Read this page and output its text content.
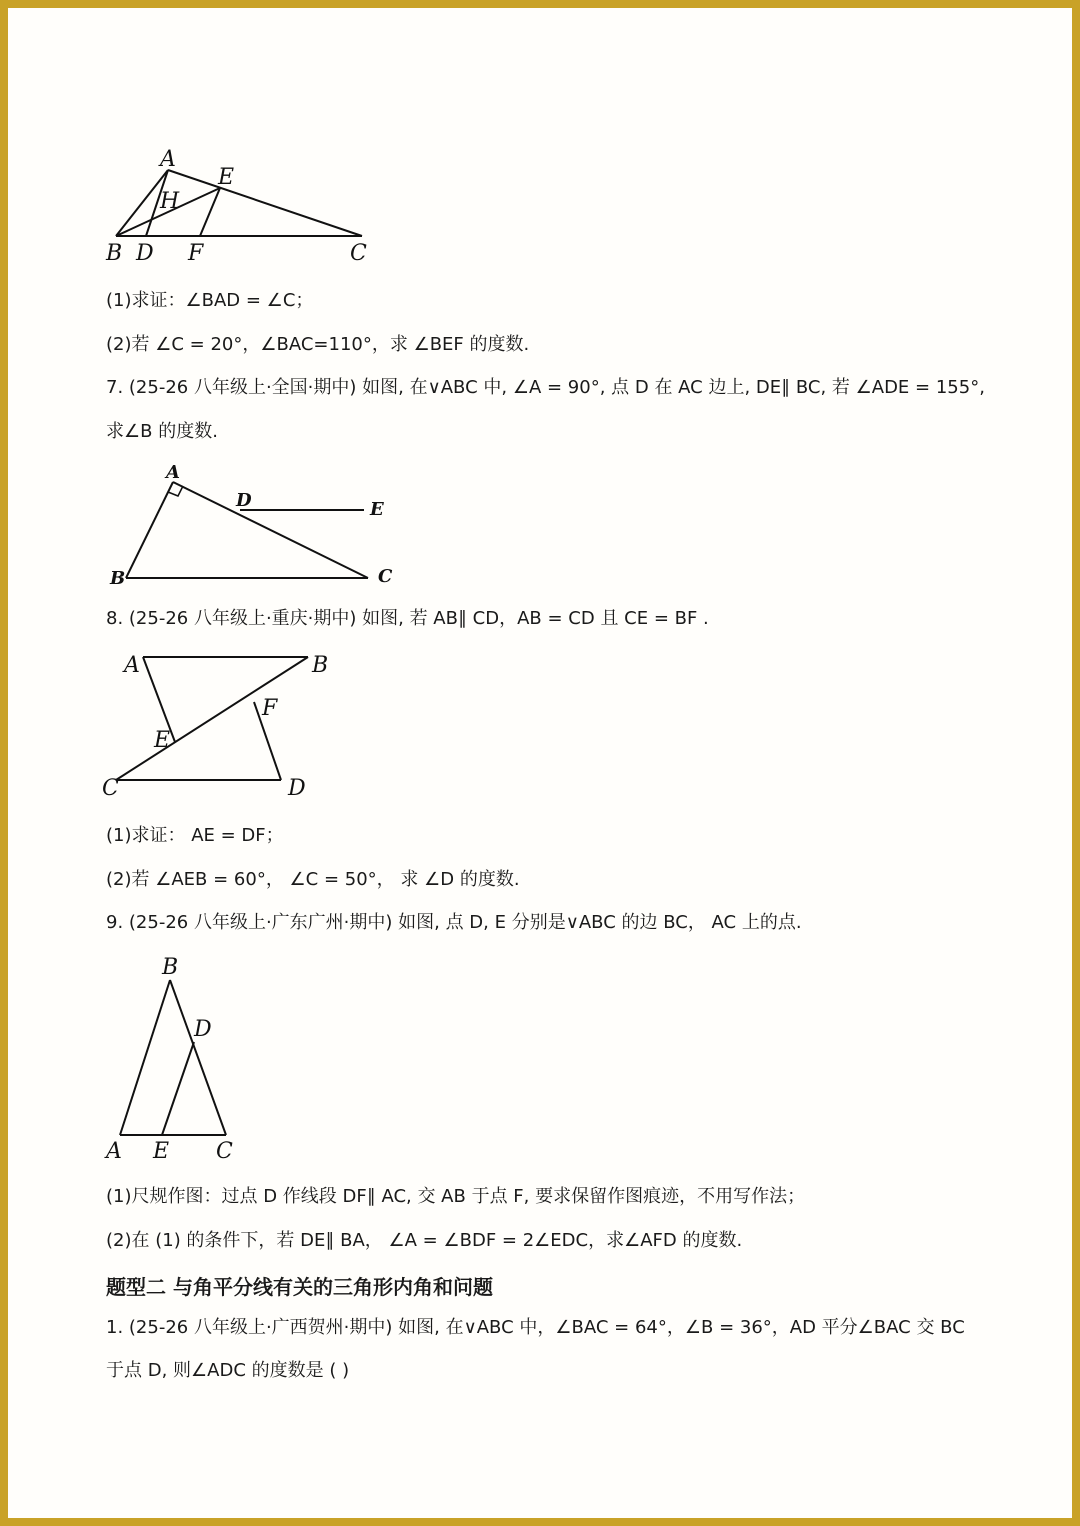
A
E
H
B D F	C
(1)求证：∠BAD = ∠C；
(2)若 ∠C = 20°，∠BAC=110°，求 ∠BEF 的度数.
7. (25-26 八年级上·全国·期中) 如图, 在∨ABC 中, ∠A = 90°, 点 D 在 AC 边上, DE∥ BC, 若 ∠ADE = 155°,
求∠B 的度数.
A
D	E
B	C
8. (25-26 八年级上·重庆·期中) 如图, 若 AB∥ CD，AB = CD 且 CE = BF .
A	B
F
E
C	D
(1)求证： AE = DF；
(2)若 ∠AEB = 60°， ∠C = 50°， 求 ∠D 的度数.
9. (25-26 八年级上·广东广州·期中) 如图, 点 D, E 分别是∨ABC 的边 BC， AC 上的点.
B
D
A E C
(1)尺规作图：过点 D 作线段 DF∥ AC, 交 AB 于点 F, 要求保留作图痕迹，不用写作法；
(2)在 (1) 的条件下，若 DE∥ BA， ∠A = ∠BDF = 2∠EDC，求∠AFD 的度数.
题型二 与角平分线有关的三角形内角和问题
1. (25-26 八年级上·广西贺州·期中) 如图, 在∨ABC 中，∠BAC = 64°，∠B = 36°，AD 平分∠BAC 交 BC
于点 D, 则∠ADC 的度数是 ( )
